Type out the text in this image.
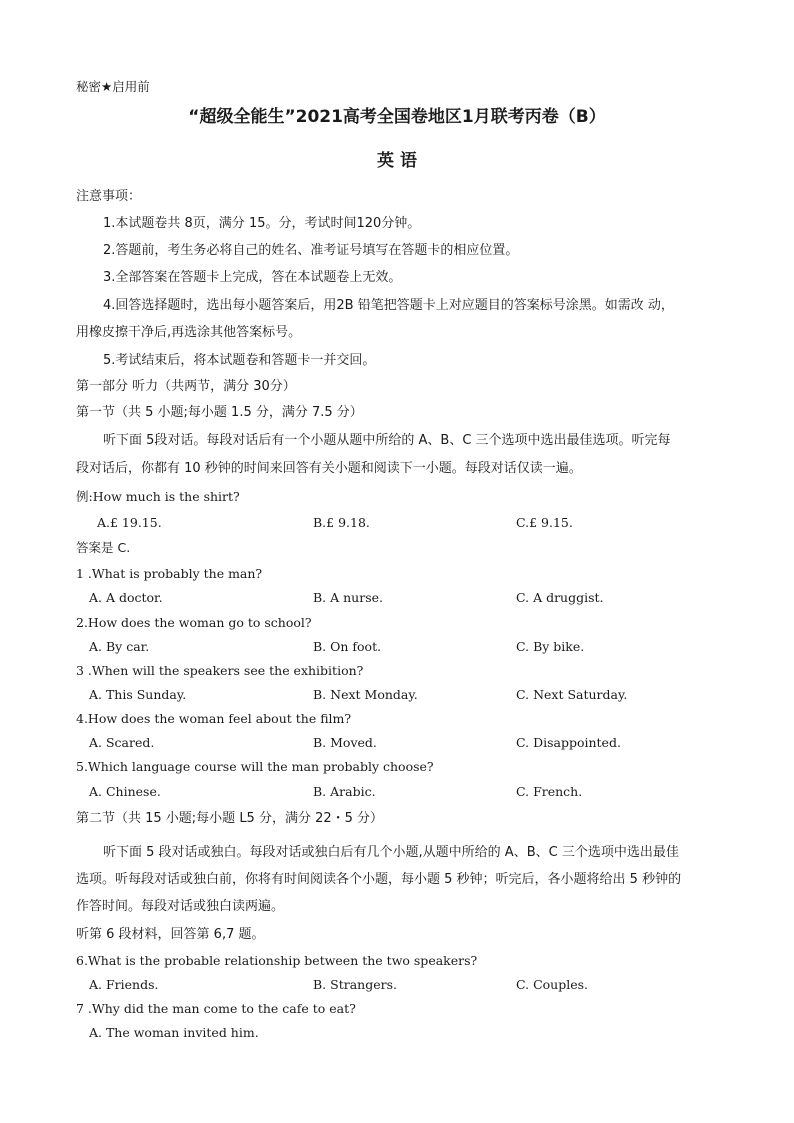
秘密★启用前
“超级全能生”2021高考全国卷地区1月联考丙卷（B）
英 语
注意事项：
1.本试题卷共 8页，满分 15。分，考试时间120分钟。
2.答题前，考生务必将自己的姓名、准考证号填写在答题卡的相应位置。
3.全部答案在答题卡上完成，答在本试题卷上无效。
4.回答选择题时，选出每小题答案后，用2B 铅笔把答题卡上对应题目的答案标号涂黑。如需改 动，
用橡皮擦干净后,再选涂其他答案标号。
5.考试结束后，将本试题卷和答题卡一并交回。
第一部分 听力（共两节，满分 30分）
第一节（共 5 小题;每小题 1.5 分，满分 7.5 分）
听下面 5段对话。每段对话后有一个小题从题中所给的 A、B、C 三个选项中选出最佳选项。听完每
段对话后，你都有 10 秒钟的时间来回答有关小题和阅读下一小题。每段对话仅读一遍。
例:How much is the shirt?
A.£ 19.15.	B.£ 9.18.	C.£ 9.15.
答案是 C.
1 .What is probably the man?
A. A doctor.	B. A nurse.	C. A druggist.
2.How does the woman go to school?
A. By car.	B. On foot.	C. By bike.
3 .When will the speakers see the exhibition?
A. This Sunday.	B. Next Monday.	C. Next Saturday.
4.How does the woman feel about the film?
A. Scared.	B. Moved.	C. Disappointed.
5.Which language course will the man probably choose?
A. Chinese.	B. Arabic.	C. French.
第二节（共 15 小题;每小题 L5 分，满分 22・5 分）
听下面 5 段对话或独白。每段对话或独白后有几个小题,从题中所给的 A、B、C 三个选项中选出最佳
选项。听每段对话或独白前，你将有时间阅读各个小题，每小题 5 秒钟；听完后，各小题将给出 5 秒钟的
作答时间。每段对话或独白读两遍。
听第 6 段材料，回答第 6,7 题。
6.What is the probable relationship between the two speakers?
A. Friends.	B. Strangers.	C. Couples.
7 .Why did the man come to the cafe to eat?
A. The woman invited him.
